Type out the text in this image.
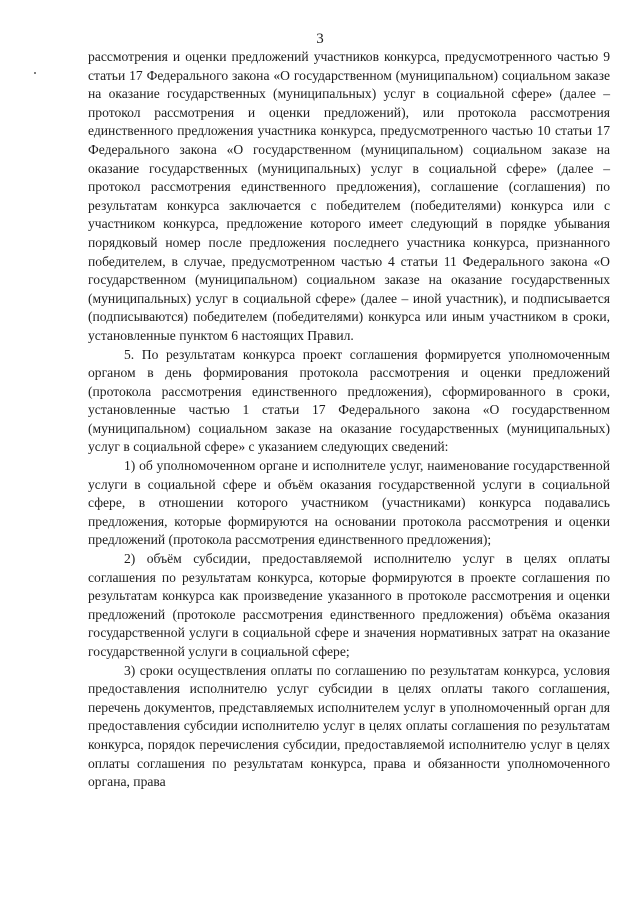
3

рассмотрения и оценки предложений участников конкурса, предусмотренного частью 9 статьи 17 Федерального закона «О государственном (муниципальном) социальном заказе на оказание государственных (муниципальных) услуг в социальной сфере» (далее – протокол рассмотрения и оценки предложений), или протокола рассмотрения единственного предложения участника конкурса, предусмотренного частью 10 статьи 17 Федерального закона «О государственном (муниципальном) социальном заказе на оказание государственных (муниципальных) услуг в социальной сфере» (далее – протокол рассмотрения единственного предложения), соглашение (соглашения) по результатам конкурса заключается с победителем (победителями) конкурса или с участником конкурса, предложение которого имеет следующий в порядке убывания порядковый номер после предложения последнего участника конкурса, признанного победителем, в случае, предусмотренном частью 4 статьи 11 Федерального закона «О государственном (муниципальном) социальном заказе на оказание государственных (муниципальных) услуг в социальной сфере» (далее – иной участник), и подписывается (подписываются) победителем (победителями) конкурса или иным участником в сроки, установленные пунктом 6 настоящих Правил.

5. По результатам конкурса проект соглашения формируется уполномоченным органом в день формирования протокола рассмотрения и оценки предложений (протокола рассмотрения единственного предложения), сформированного в сроки, установленные частью 1 статьи 17 Федерального закона «О государственном (муниципальном) социальном заказе на оказание государственных (муниципальных) услуг в социальной сфере» с указанием следующих сведений:

1) об уполномоченном органе и исполнителе услуг, наименование государственной услуги в социальной сфере и объём оказания государственной услуги в социальной сфере, в отношении которого участником (участниками) конкурса подавались предложения, которые формируются на основании протокола рассмотрения и оценки предложений (протокола рассмотрения единственного предложения);

2) объём субсидии, предоставляемой исполнителю услуг в целях оплаты соглашения по результатам конкурса, которые формируются в проекте соглашения по результатам конкурса как произведение указанного в протоколе рассмотрения и оценки предложений (протоколе рассмотрения единственного предложения) объёма оказания государственной услуги в социальной сфере и значения нормативных затрат на оказание государственной услуги в социальной сфере;

3) сроки осуществления оплаты по соглашению по результатам конкурса, условия предоставления исполнителю услуг субсидии в целях оплаты такого соглашения, перечень документов, представляемых исполнителем услуг в уполномоченный орган для предоставления субсидии исполнителю услуг в целях оплаты соглашения по результатам конкурса, порядок перечисления субсидии, предоставляемой исполнителю услуг в целях оплаты соглашения по результатам конкурса, права и обязанности уполномоченного органа, права
